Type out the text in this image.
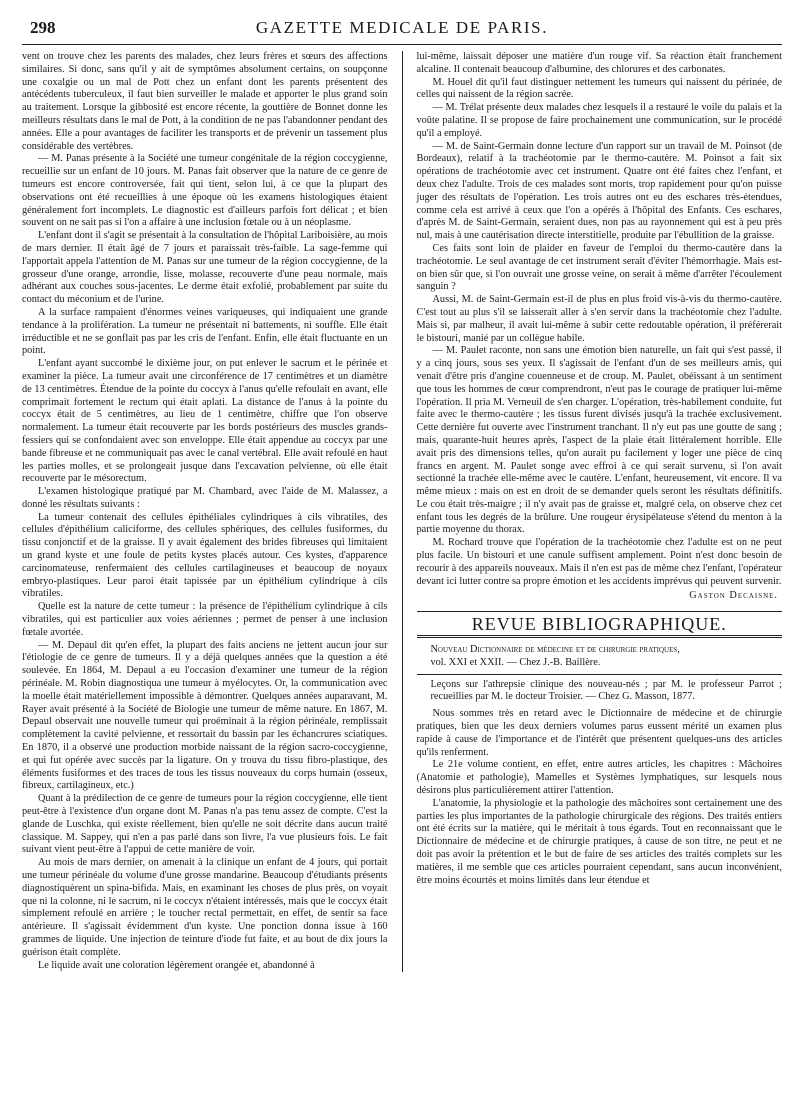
298	GAZETTE MEDICALE DE PARIS.

vent on trouve chez les parents des malades, chez leurs frères et sœurs des affections similaires. Si donc, sans qu'il y ait de symptômes absolument certains, on soupçonne une coxalgie ou un mal de Pott chez un enfant dont les parents présentent des antécédents tuberculeux, il faut bien surveiller le malade et apporter le plus grand soin au traitement. Lorsque la gibbosité est encore récente, la gouttière de Bonnet donne les meilleurs résultats dans le mal de Pott, à la condition de ne pas l'abandonner pendant des années. Elle a pour avantages de faciliter les transports et de prévenir un tassement plus considérable des vertèbres.

— M. Panas présente à la Société une tumeur congénitale de la région coccygienne, recueillie sur un enfant de 10 jours. M. Panas fait observer que la nature de ce genre de tumeurs est encore controversée, fait qui tient, selon lui, à ce que la plupart des observations ont été recueillies à une époque où les examens histologiques étaient généralement fort incomplets. Le diagnostic est d'ailleurs parfois fort délicat ; et bien souvent on ne sait pas si l'on a affaire à une inclusion fœtale ou à un néoplasme.

L'enfant dont il s'agit se présentait à la consultation de l'hôpital Lariboisière, au mois de mars dernier. Il était âgé de 7 jours et paraissait très-faible. La sage-femme qui l'apportait appela l'attention de M. Panas sur une tumeur de la région coccygienne, de la grosseur d'une orange, arrondie, lisse, molasse, recouverte d'une peau normale, mais adhérant aux couches sous-jacentes. Le derme était exfolié, probablement par suite du contact du méconium et de l'urine.

A la surface rampaient d'énormes veines variqueuses, qui indiquaient une grande tendance à la prolifération. La tumeur ne présentait ni battements, ni souffle. Elle était irréductible et ne se gonflait pas par les cris de l'enfant. Enfin, elle était fluctuante en un point.

L'enfant ayant succombé le dixième jour, on put enlever le sacrum et le périnée et examiner la pièce. La tumeur avait une circonférence de 17 centimètres et un diamètre de 13 centimètres. Étendue de la pointe du coccyx à l'anus qu'elle refoulait en avant, elle comprimait fortement le rectum qui était aplati. La distance de l'anus à la pointe du coccyx était de 5 centimètres, au lieu de 1 centimètre, chiffre que l'on observe normalement. La tumeur était recouverte par les bords postérieurs des muscles grands-fessiers qui se confondaient avec son enveloppe. Elle était appendue au coccyx par une bande fibreuse et ne communiquait pas avec le canal vertébral. Elle avait refoulé en haut les parties molles, et se prolongeait jusque dans l'excavation pelvienne, où elle était recouverte par le mésorectum.

L'examen histologique pratiqué par M. Chambard, avec l'aide de M. Malassez, a donné les résultats suivants :

La tumeur contenait des cellules épithéliales cylindriques à cils vibratiles, des cellules d'épithélium caliciforme, des cellules sphériques, des cellules fusiformes, du tissu conjonctif et de la graisse. Il y avait également des brides fibreuses qui limitaient un grand kyste et une foule de petits kystes placés autour. Ces kystes, d'apparence carcinomateuse, renfermaient des cellules cartilagineuses et beaucoup de noyaux embryo-plastiques. Leur paroi était tapissée par un épithélium cylindrique à cils vibratiles.

Quelle est la nature de cette tumeur : la présence de l'épithélium cylindrique à cils vibratiles, qui est particulier aux voies aériennes ; permet de penser à une inclusion fœtale avortée.

— M. Depaul dit qu'en effet, la plupart des faits anciens ne jettent aucun jour sur l'étiologie de ce genre de tumeurs. Il y a déjà quelques années que la question a été soulevée. En 1864, M. Depaul a eu l'occasion d'examiner une tumeur de la région périnéale. M. Robin diagnostiqua une tumeur à myélocytes. Or, la communication avec la moelle était matériellement impossible à démontrer. Quelques années auparavant, M. Rayer avait présenté à la Société de Biologie une tumeur de même nature. En 1867, M. Depaul observait une nouvelle tumeur qui proéminait à la région périnéale, remplissait complètement la cavité pelvienne, et ressortait du bassin par les échancrures sciatiques. En 1870, il a observé une production morbide naissant de la région sacro-coccygienne, et qui fut opérée avec succès par la ligature. On y trouva du tissu fibro-plastique, des éléments fusiformes et des traces de tous les tissus nouveaux du corps humain (osseux, fibreux, cartilagineux, etc.)

Quant à la prédilection de ce genre de tumeurs pour la région coccygienne, elle tient peut-être à l'existence d'un organe dont M. Panas n'a pas tenu assez de compte. C'est la glande de Luschka, qui existe réellement, bien qu'elle ne soit décrite dans aucun traité classique. M. Sappey, qui n'en a pas parlé dans son livre, l'a vue plusieurs fois. Le fait suivant vient peut-être à l'appui de cette manière de voir.

Au mois de mars dernier, on amenait à la clinique un enfant de 4 jours, qui portait une tumeur périnéale du volume d'une grosse mandarine. Beaucoup d'étudiants présents diagnostiquèrent un spina-bifida. Mais, en examinant les choses de plus près, on voyait que ni la colonne, ni le sacrum, ni le coccyx n'étaient intéressés, mais que le coccyx était simplement refoulé en arrière ; le toucher rectal permettait, en effet, de sentir sa face antérieure. Il s'agissait évidemment d'un kyste. Une ponction donna issue à 160 grammes de liquide. Une injection de teinture d'iode fut faite, et au bout de dix jours la guérison était complète.

Le liquide avait une coloration légèrement orangée et, abandonné à

lui-même, laissait déposer une matière d'un rouge vif. Sa réaction était franchement alcaline. Il contenait beaucoup d'albumine, des chlorures et des carbonates.

M. Houel dit qu'il faut distinguer nettement les tumeurs qui naissent du périnée, de celles qui naissent de la région sacrée.

— M. Trélat présente deux malades chez lesquels il a restauré le voile du palais et la voûte palatine. Il se propose de faire prochainement une communication, sur le procédé qu'il a employé.

— M. de Saint-Germain donne lecture d'un rapport sur un travail de M. Poinsot (de Bordeaux), relatif à la trachéotomie par le thermo-cautère. M. Poinsot a fait six opérations de trachéotomie avec cet instrument. Quatre ont été faites chez l'enfant, et deux chez l'adulte. Trois de ces malades sont morts, trop rapidement pour qu'on puisse juger des résultats de l'opération. Les trois autres ont eu des eschares très-étendues, comme cela est arrivé à ceux que l'on a opérés à l'hôpital des Enfants. Ces eschares, d'après M. de Saint-Germain, seraient dues, non pas au rayonnement qui est à peu près nul, mais à une cautérisation directe interstitielle, produite par l'ébullition de la graisse.

Ces faits sont loin de plaider en faveur de l'emploi du thermo-cautère dans la trachéotomie. Le seul avantage de cet instrument serait d'éviter l'hémorrhagie. Mais est-on bien sûr que, si l'on ouvrait une grosse veine, on serait à même d'arrêter l'écoulement sanguin ?

Aussi, M. de Saint-Germain est-il de plus en plus froid vis-à-vis du thermo-cautère. C'est tout au plus s'il se laisserait aller à s'en servir dans la trachéotomie chez l'adulte. Mais si, par malheur, il avait lui-même à subir cette redoutable opération, il préférerait le bistouri, manié par un collègue habile.

— M. Paulet raconte, non sans une émotion bien naturelle, un fait qui s'est passé, il y a cinq jours, sous ses yeux. Il s'agissait de l'enfant d'un de ses meilleurs amis, qui venait d'être pris d'angine couenneuse et de croup. M. Paulet, obéissant à un sentiment que tous les hommes de cœur comprendront, n'eut pas le courage de pratiquer lui-même l'opération. Il pria M. Verneuil de s'en charger. L'opération, très-habilement conduite, fut faite avec le thermo-cautère ; les tissus furent divisés jusqu'à la trachée exclusivement. Cette dernière fut ouverte avec l'instrument tranchant. Il n'y eut pas une goutte de sang ; mais, quarante-huit heures après, l'aspect de la plaie était littéralement horrible. Elle avait pris des dimensions telles, qu'on aurait pu facilement y loger une pièce de cinq francs en argent. M. Paulet songe avec effroi à ce qui serait survenu, si l'on avait sectionné la trachée elle-même avec le cautère. L'enfant, heureusement, vit encore. Il va même mieux : mais on est en droit de se demander quels seront les résultats définitifs. Le cou était très-maigre ; il n'y avait pas de graisse et, malgré cela, on observe chez cet enfant tous les degrés de la brûlure. Une rougeur érysipélateuse s'étend du menton à la partie moyenne du thorax.

M. Rochard trouve que l'opération de la trachéotomie chez l'adulte est on ne peut plus facile. Un bistouri et une canule suffisent amplement. Point n'est donc besoin de recourir à des appareils nouveaux. Mais il n'en est pas de même chez l'enfant, l'opérateur devant ici lutter contre sa propre émotion et les accidents imprévus qui peuvent survenir.

Gaston Decaisne.
REVUE BIBLIOGRAPHIQUE.

Nouveau Dictionnaire de médecine et de chirurgie pratiques,
vol. XXI et XXII. — Chez J.-B. Baillère.

Leçons sur l'athrepsie clinique des nouveau-nés ; par M. le professeur Parrot ; recueillies par M. le docteur Troisier. — Chez G. Masson, 1877.

Nous sommes très en retard avec le Dictionnaire de médecine et de chirurgie pratiques, bien que les deux derniers volumes parus eussent mérité un examen plus rapide à cause de l'importance et de l'intérêt que présentent quelques-uns des articles qu'ils renferment.

Le 21e volume contient, en effet, entre autres articles, les chapitres : Mâchoires (Anatomie et pathologie), Mamelles et Systèmes lymphatiques, sur lesquels nous désirons plus particulièrement attirer l'attention.

L'anatomie, la physiologie et la pathologie des mâchoires sont certainement une des parties les plus importantes de la pathologie chirurgicale des régions. Des traités entiers ont été écrits sur la matière, qui le méritait à tous égards. Tout en reconnaissant que le Dictionnaire de médecine et de chirurgie pratiques, à cause de son titre, ne peut et ne doit pas avoir la prétention et le but de faire de ses articles des traités complets sur les matières, il me semble que ces articles pourraient cependant, sans aucun inconvénient, être moins écourtés et moins limités dans leur étendue et
